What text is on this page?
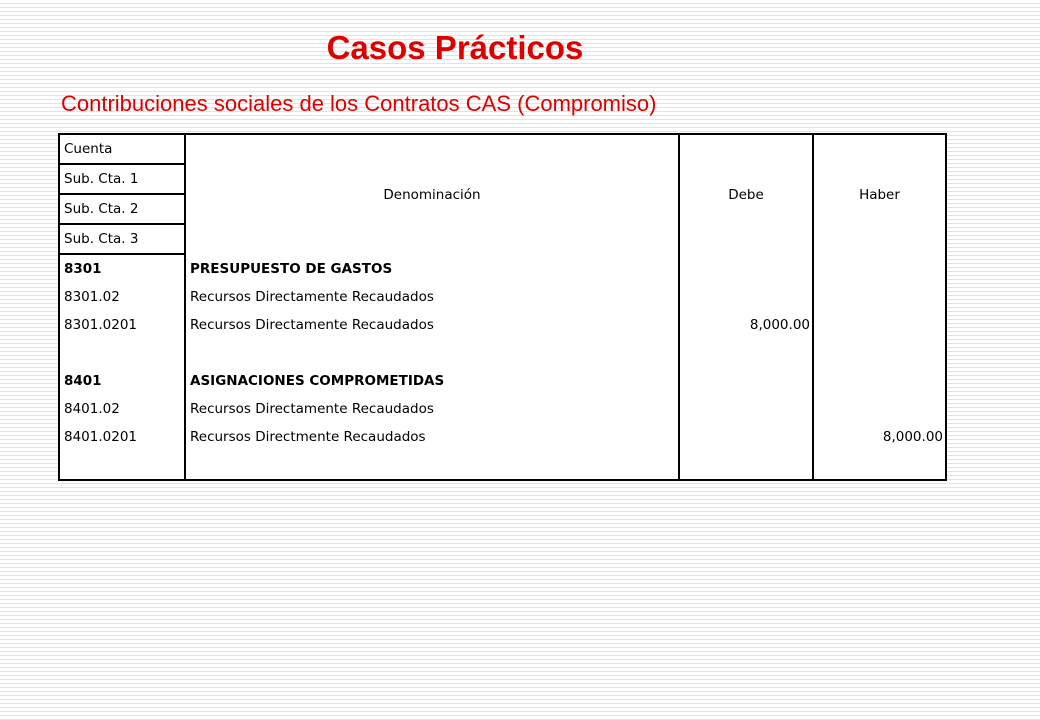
Casos Prácticos
Contribuciones sociales de los Contratos CAS (Compromiso)
Cuenta	Denominación	Debe	Haber
Sub. Cta. 1			
Sub. Cta. 2			
Sub. Cta. 3			
8301	PRESUPUESTO DE GASTOS		
8301.02	Recursos Directamente Recaudados		
8301.0201	Recursos Directamente Recaudados	8,000.00	

8401	ASIGNACIONES COMPROMETIDAS		
8401.02	Recursos Directamente Recaudados		
8401.0201	Recursos Directmente Recaudados		8,000.00
